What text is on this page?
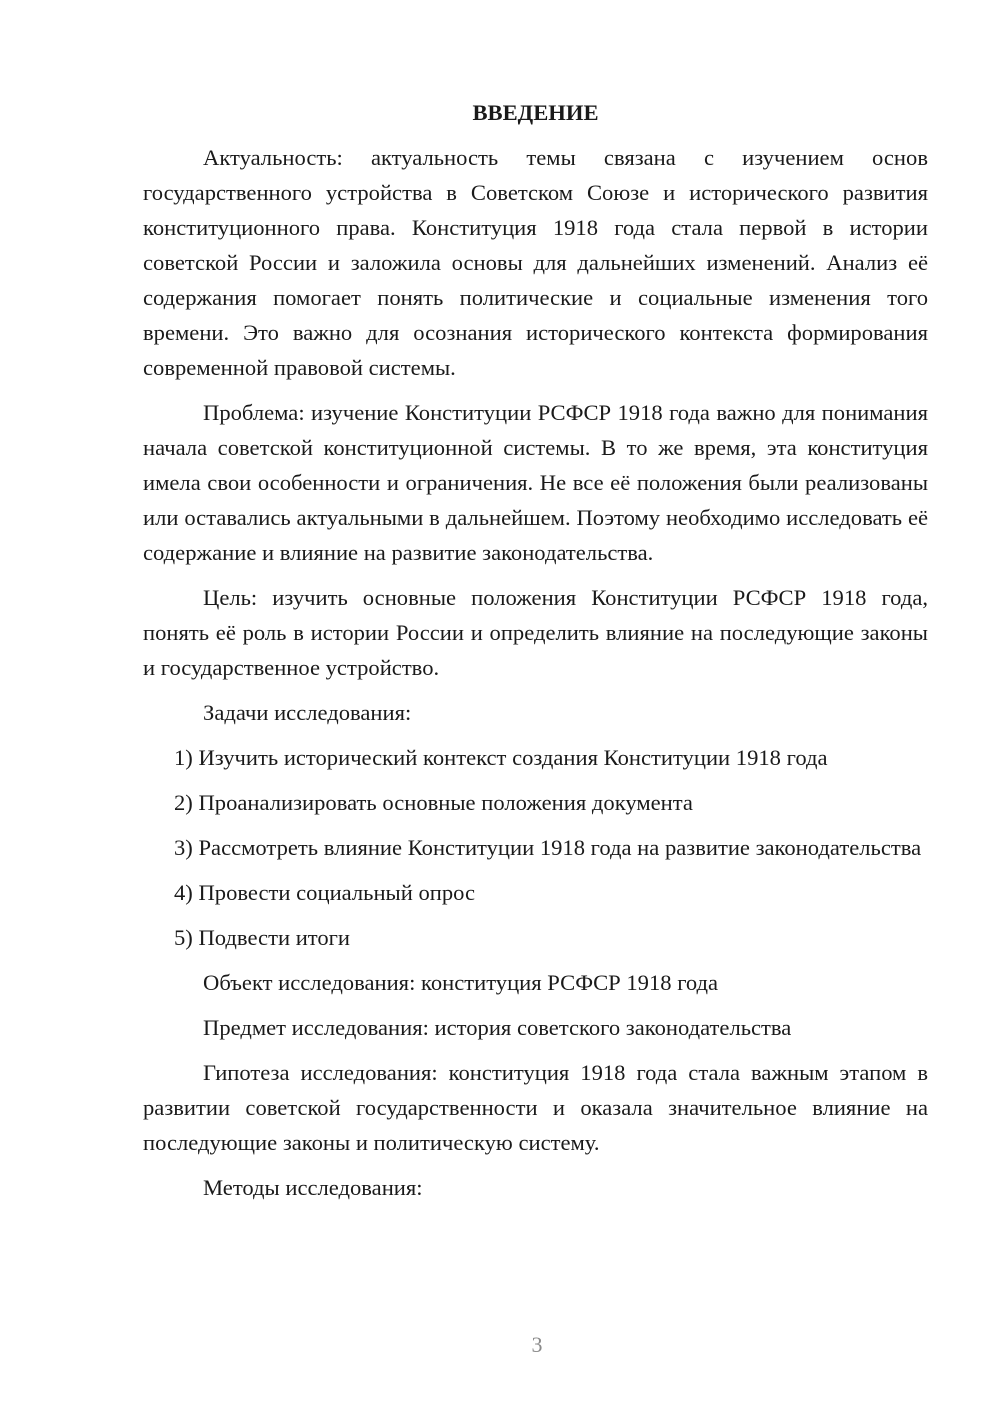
ВВЕДЕНИЕ

Актуальность: актуальность темы связана с изучением основ государственного устройства в Советском Союзе и исторического развития конституционного права. Конституция 1918 года стала первой в истории советской России и заложила основы для дальнейших изменений. Анализ её содержания помогает понять политические и социальные изменения того времени. Это важно для осознания исторического контекста формирования современной правовой системы.

Проблема: изучение Конституции РСФСР 1918 года важно для понимания начала советской конституционной системы. В то же время, эта конституция имела свои особенности и ограничения. Не все её положения были реализованы или оставались актуальными в дальнейшем. Поэтому необходимо исследовать её содержание и влияние на развитие законодательства.

Цель: изучить основные положения Конституции РСФСР 1918 года, понять её роль в истории России и определить влияние на последующие законы и государственное устройство.

Задачи исследования:

1) Изучить исторический контекст создания Конституции 1918 года

2) Проанализировать основные положения документа

3) Рассмотреть влияние Конституции 1918 года на развитие законодательства

4) Провести социальный опрос

5) Подвести итоги

Объект исследования: конституция РСФСР 1918 года

Предмет исследования: история советского законодательства

Гипотеза исследования: конституция 1918 года стала важным этапом в развитии советской государственности и оказала значительное влияние на последующие законы и политическую систему.

Методы исследования:

3
